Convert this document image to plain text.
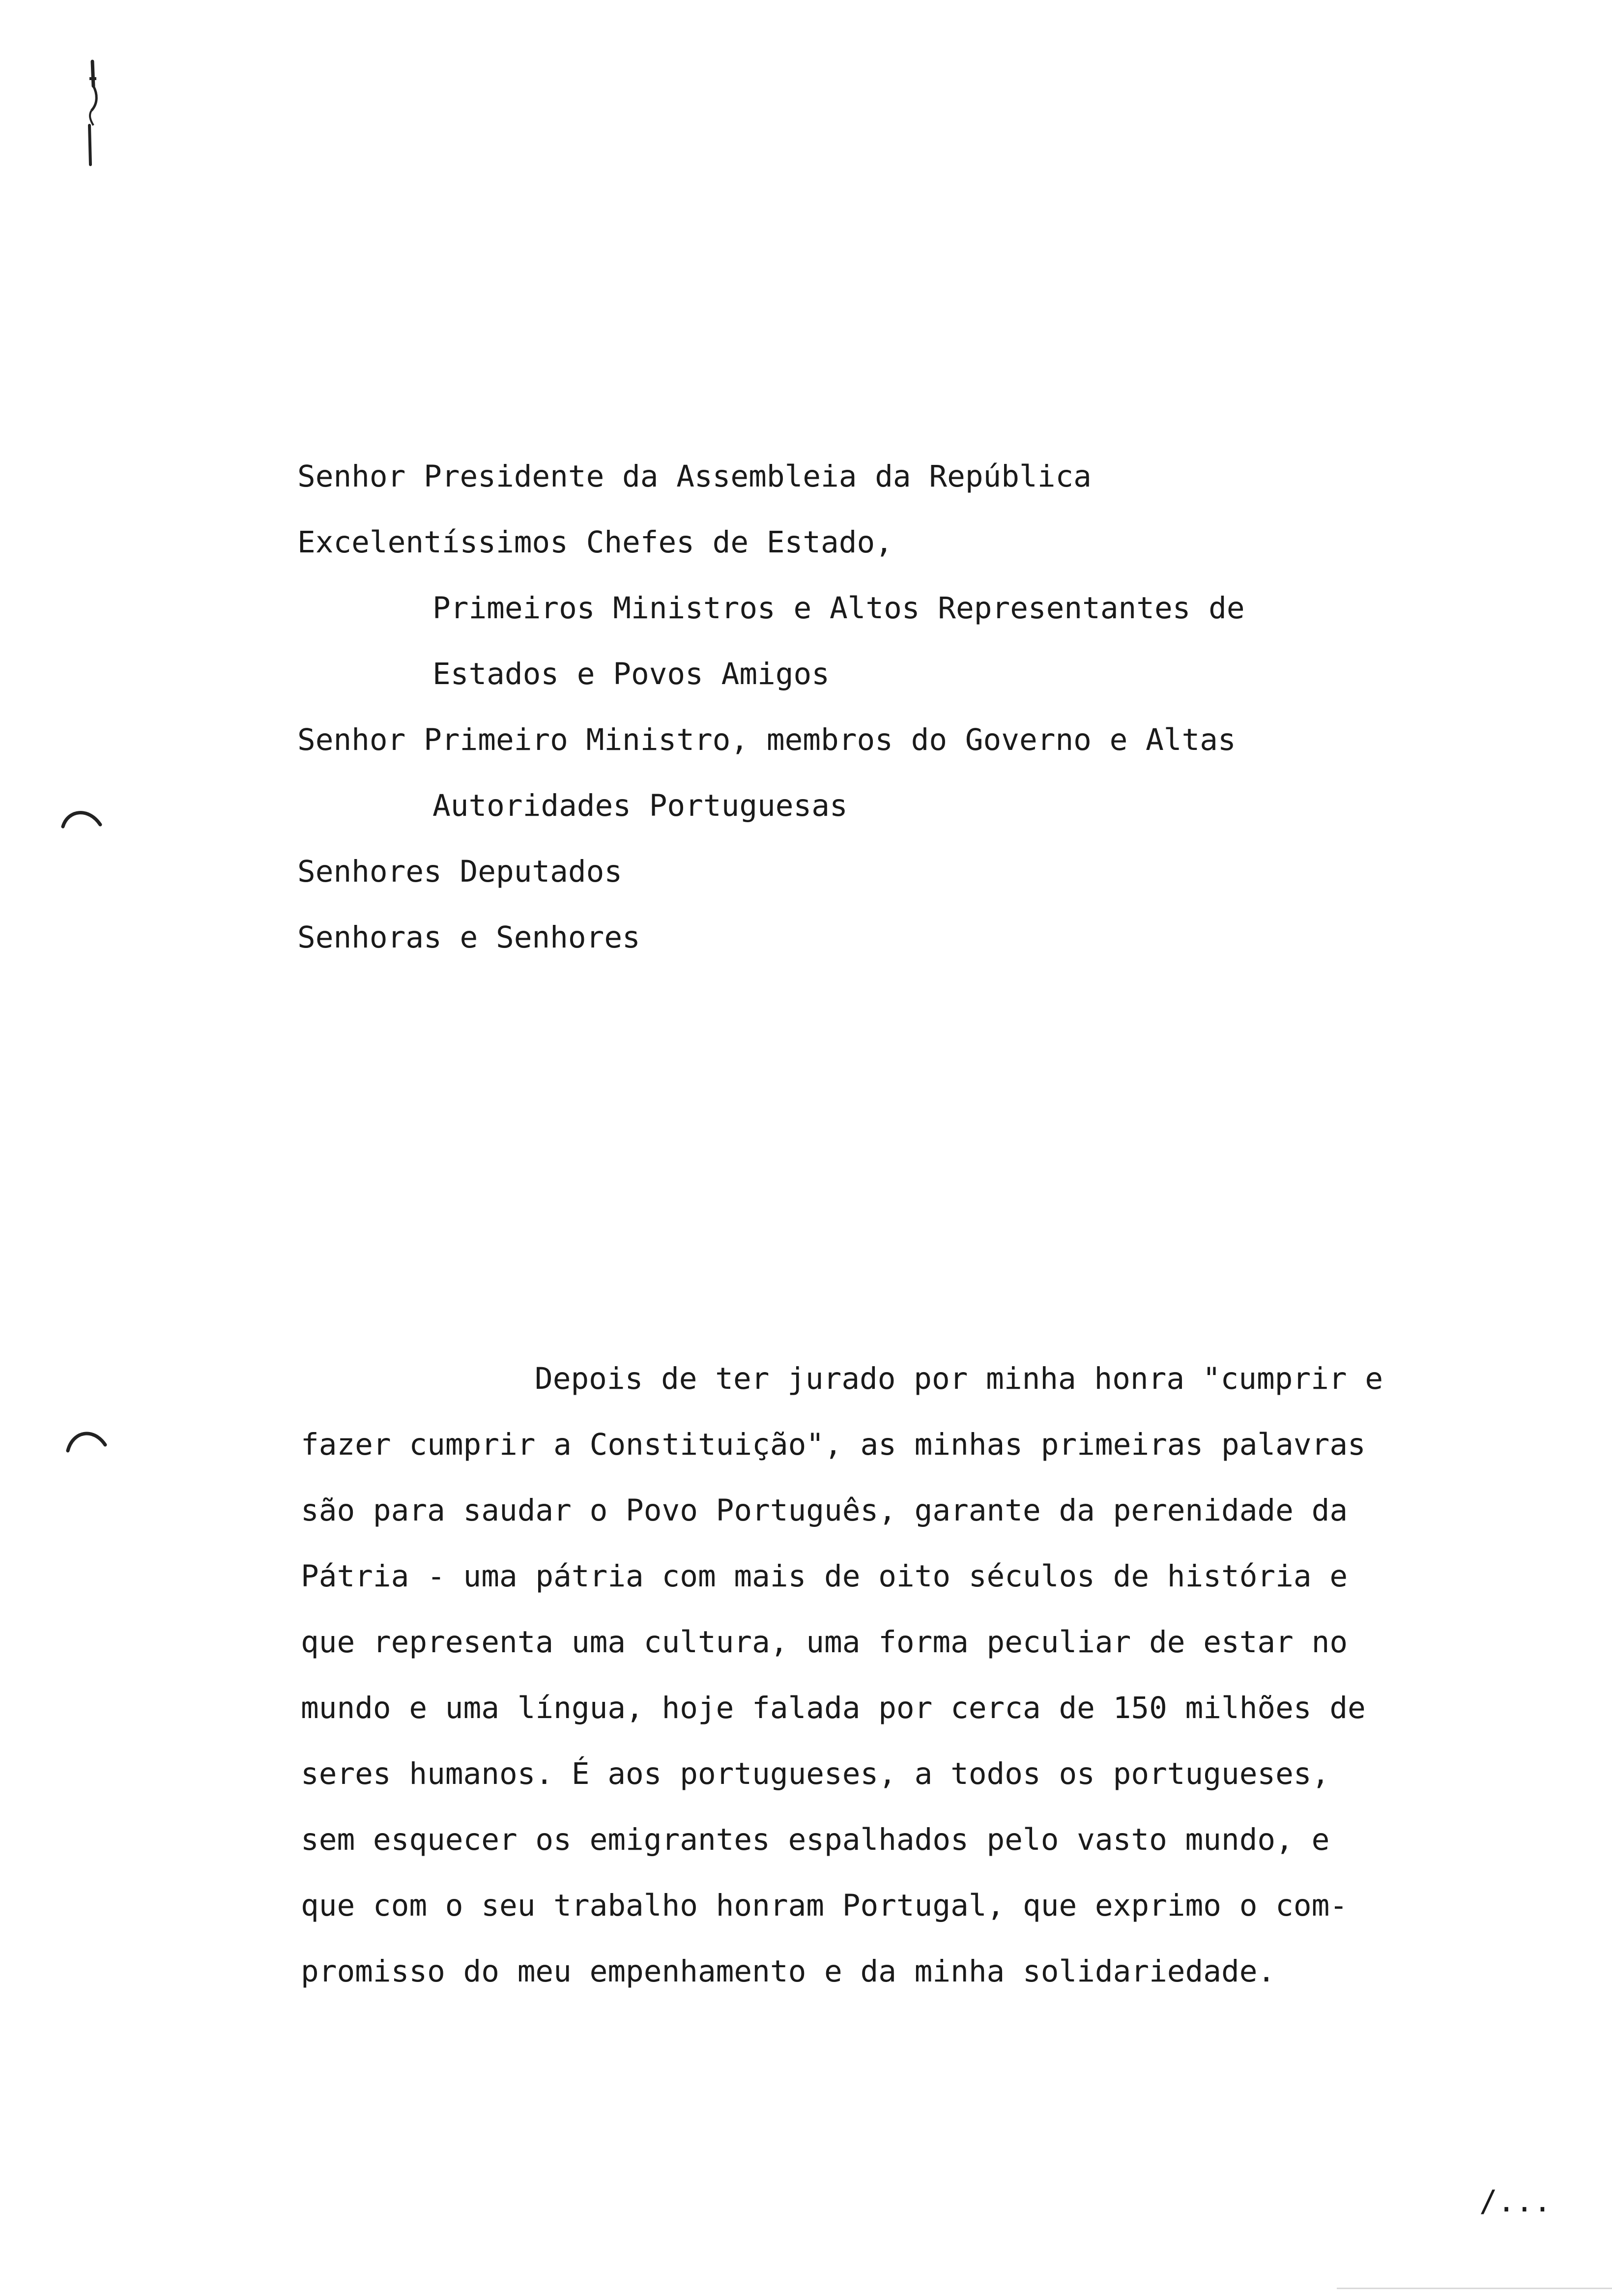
Senhor Presidente da Assembleia da República
Excelentíssimos Chefes de Estado,
Primeiros Ministros e Altos Representantes de
Estados e Povos Amigos
Senhor Primeiro Ministro, membros do Governo e Altas
Autoridades Portuguesas
Senhores Deputados
Senhoras e Senhores
Depois de ter jurado por minha honra "cumprir e
fazer cumprir a Constituição", as minhas primeiras palavras
são para saudar o Povo Português, garante da perenidade da
Pátria - uma pátria com mais de oito séculos de história e
que representa uma cultura, uma forma peculiar de estar no
mundo e uma língua, hoje falada por cerca de 150 milhões de
seres humanos. É aos portugueses, a todos os portugueses,
sem esquecer os emigrantes espalhados pelo vasto mundo, e
que com o seu trabalho honram Portugal, que exprimo o com-
promisso do meu empenhamento e da minha solidariedade.
/...
